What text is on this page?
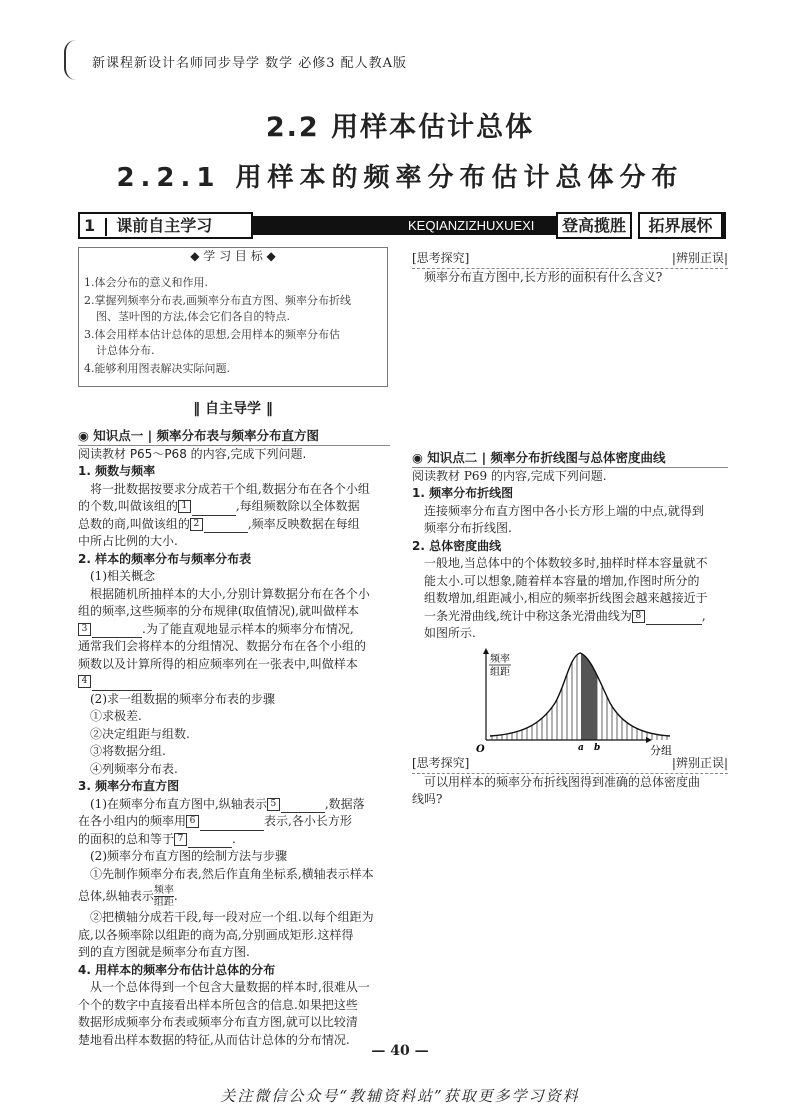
新课程新设计名师同步导学 数学 必修3 配人教A版
2.2 用样本估计总体
2.2.1 用样本的频率分布估计总体分布
KEQIANZIZHUXUEXI
1 课前自主学习	登高揽胜	拓界展怀
◆ 学 习 目 标 ◆
1.体会分布的意义和作用.
2.掌握列频率分布表,画频率分布直方图、频率分布折线
图、茎叶图的方法,体会它们各自的特点.
3.体会用样本估计总体的思想,会用样本的频率分布估
计总体分布.
4.能够利用图表解决实际问题.
‖ 自主导学 ‖
◉ 知识点一 | 频率分布表与频率分布直方图
阅读教材 P65～P68 的内容,完成下列问题.
1. 频数与频率
将一批数据按要求分成若干个组,数据分布在各个小组
的个数,叫做该组的 1	,每组频数除以全体数据
总数的商,叫做该组的 2	,频率反映数据在每组
中所占比例的大小.
2. 样本的频率分布与频率分布表
(1)相关概念
根据随机所抽样本的大小,分别计算数据分布在各个小
组的频率,这些频率的分布规律(取值情况),就叫做样本
3	.为了能直观地显示样本的频率分布情况,
通常我们会将样本的分组情况、数据分布在各个小组的
频数以及计算所得的相应频率列在一张表中,叫做样本
4
(2)求一组数据的频率分布表的步骤
①求极差.
②决定组距与组数.
③将数据分组.
④列频率分布表.
3. 频率分布直方图
(1)在频率分布直方图中,纵轴表示 5	,数据落
在各小组内的频率用 6	表示,各小长方形
的面积的总和等于 7	.
(2)频率分布直方图的绘制方法与步骤
①先制作频率分布表,然后作直角坐标系,横轴表示样本
总体,纵轴表示 $\frac{\text{频率}}{\text{组距}}$ .
②把横轴分成若干段,每一段对应一个组.以每个组距为
底,以各频率除以组距的商为高,分别画成矩形.这样得
到的直方图就是频率分布直方图.
4. 用样本的频率分布估计总体的分布
从一个总体得到一个包含大量数据的样本时,很难从一
个个的数字中直接看出样本所包含的信息.如果把这些
数据形成频率分布表或频率分布直方图,就可以比较清
楚地看出样本数据的特征,从而估计总体的分布情况.
[思考探究]	|辨别正误|
频率分布直方图中,长方形的面积有什么含义?
◉ 知识点二 | 频率分布折线图与总体密度曲线
阅读教材 P69 的内容,完成下列问题.
1. 频率分布折线图
连接频率分布直方图中各小长方形上端的中点,就得到
频率分布折线图.
2. 总体密度曲线
一般地,当总体中的个体数较多时,抽样时样本容量就不
能太小.可以想象,随着样本容量的增加,作图时所分的
组数增加,组距减小,相应的频率折线图会越来越接近于
一条光滑曲线,统计中称这条光滑曲线为 8	,
如图所示.
频率
组距
O	a b	分组
[思考探究]	|辨别正误|
可以用样本的频率分布折线图得到准确的总体密度曲
线吗?
— 40 —
关注微信公众号“教辅资料站”获取更多学习资料
